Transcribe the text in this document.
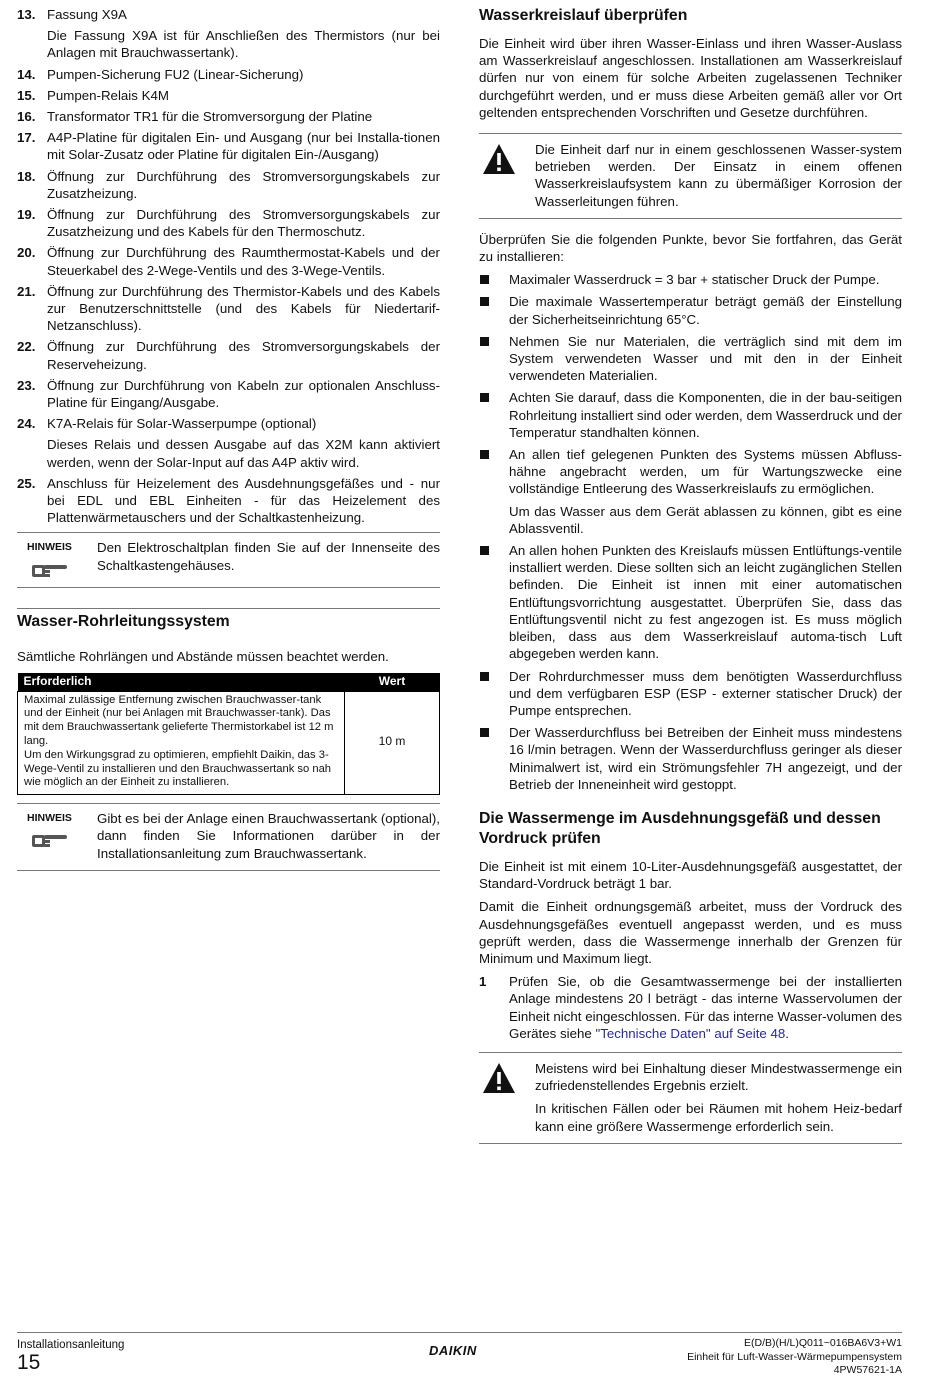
13. Fassung X9A
Die Fassung X9A ist für Anschließen des Thermistors (nur bei Anlagen mit Brauchwassertank).
14. Pumpen-Sicherung FU2 (Linear-Sicherung)
15. Pumpen-Relais K4M
16. Transformator TR1 für die Stromversorgung der Platine
17. A4P-Platine für digitalen Ein- und Ausgang (nur bei Installa-tionen mit Solar-Zusatz oder Platine für digitalen Ein-/Ausgang)
18. Öffnung zur Durchführung des Stromversorgungskabels zur Zusatzheizung.
19. Öffnung zur Durchführung des Stromversorgungskabels zur Zusatzheizung und des Kabels für den Thermoschutz.
20. Öffnung zur Durchführung des Raumthermostat-Kabels und der Steuerkabel des 2-Wege-Ventils und des 3-Wege-Ventils.
21. Öffnung zur Durchführung des Thermistor-Kabels und des Kabels zur Benutzerschnittstelle (und des Kabels für Niedertarif-Netzanschluss).
22. Öffnung zur Durchführung des Stromversorgungskabels der Reserveheizung.
23. Öffnung zur Durchführung von Kabeln zur optionalen Anschluss-Platine für Eingang/Ausgabe.
24. K7A-Relais für Solar-Wasserpumpe (optional)
Dieses Relais und dessen Ausgabe auf das X2M kann aktiviert werden, wenn der Solar-Input auf das A4P aktiv wird.
25. Anschluss für Heizelement des Ausdehnungsgefäßes und - nur bei EDL und EBL Einheiten - für das Heizelement des Plattenwärmetauschers und der Schaltkastenheizung.
HINWEIS	Den Elektroschaltplan finden Sie auf der Innenseite des Schaltkastengehäuses.
Wasser-Rohrleitungssystem

Sämtliche Rohrlängen und Abstände müssen beachtet werden.

Erforderlich	Wert

Maximal zulässige Entfernung zwischen Brauchwasser-tank und der Einheit (nur bei Anlagen mit Brauchwasser-tank). Das mit dem Brauchwassertank gelieferte Thermistorkabel ist 12 m lang.
Um den Wirkungsgrad zu optimieren, empfiehlt Daikin, das 3-Wege-Ventil zu installieren und den Brauchwassertank so nah wie möglich an der Einheit zu installieren.	10 m
HINWEIS	Gibt es bei der Anlage einen Brauchwassertank (optional), dann finden Sie Informationen darüber in der Installationsanleitung zum Brauchwassertank.
Wasserkreislauf überprüfen

Die Einheit wird über ihren Wasser-Einlass und ihren Wasser-Auslass am Wasserkreislauf angeschlossen. Installationen am Wasserkreislauf dürfen nur von einem für solche Arbeiten zugelassenen Techniker durchgeführt werden, und er muss diese Arbeiten gemäß aller vor Ort geltenden entsprechenden Vorschriften und Gesetze durchführen.

Die Einheit darf nur in einem geschlossenen Wasser-system betrieben werden. Der Einsatz in einem offenen Wasserkreislaufsystem kann zu übermäßiger Korrosion der Wasserleitungen führen.

Überprüfen Sie die folgenden Punkte, bevor Sie fortfahren, das Gerät zu installieren:

Maximaler Wasserdruck = 3 bar + statischer Druck der Pumpe.
Die maximale Wassertemperatur beträgt gemäß der Einstellung der Sicherheitseinrichtung 65°C.
Nehmen Sie nur Materialen, die verträglich sind mit dem im System verwendeten Wasser und mit den in der Einheit verwendeten Materialien.
Achten Sie darauf, dass die Komponenten, die in der bau-seitigen Rohrleitung installiert sind oder werden, dem Wasserdruck und der Temperatur standhalten können.
An allen tief gelegenen Punkten des Systems müssen Abfluss-hähne angebracht werden, um für Wartungszwecke eine vollständige Entleerung des Wasserkreislaufs zu ermöglichen.
Um das Wasser aus dem Gerät ablassen zu können, gibt es eine Ablassventil.
An allen hohen Punkten des Kreislaufs müssen Entlüftungs-ventile installiert werden. Diese sollten sich an leicht zugänglichen Stellen befinden. Die Einheit ist innen mit einer automatischen Entlüftungsvorrichtung ausgestattet. Überprüfen Sie, dass das Entlüftungsventil nicht zu fest angezogen ist. Es muss möglich bleiben, dass aus dem Wasserkreislauf automa-tisch Luft abgegeben werden kann.
Der Rohrdurchmesser muss dem benötigten Wasserdurchfluss und dem verfügbaren ESP (ESP - externer statischer Druck) der Pumpe entsprechen.
Der Wasserdurchfluss bei Betreiben der Einheit muss mindestens 16 l/min betragen. Wenn der Wasserdurchfluss geringer als dieser Minimalwert ist, wird ein Strömungsfehler 7H angezeigt, und der Betrieb der Inneneinheit wird gestoppt.
Die Wassermenge im Ausdehnungsgefäß und dessen Vordruck prüfen

Die Einheit ist mit einem 10-Liter-Ausdehnungsgefäß ausgestattet, der Standard-Vordruck beträgt 1 bar.

Damit die Einheit ordnungsgemäß arbeitet, muss der Vordruck des Ausdehnungsgefäßes eventuell angepasst werden, und es muss geprüft werden, dass die Wassermenge innerhalb der Grenzen für Minimum und Maximum liegt.

1 Prüfen Sie, ob die Gesamtwassermenge bei der installierten Anlage mindestens 20 l beträgt - das interne Wasservolumen der Einheit nicht eingeschlossen. Für das interne Wasser-volumen des Gerätes siehe "Technische Daten" auf Seite 48.
Meistens wird bei Einhaltung dieser Mindestwassermenge ein zufriedenstellendes Ergebnis erzielt.
In kritischen Fällen oder bei Räumen mit hohem Heiz-bedarf kann eine größere Wassermenge erforderlich sein.
Installationsanleitung
15
DAIKIN	E(D/B)(H/L)Q011~016BA6V3+W1
Einheit für Luft-Wasser-Wärmepumpensystem
4PW57621-1A
